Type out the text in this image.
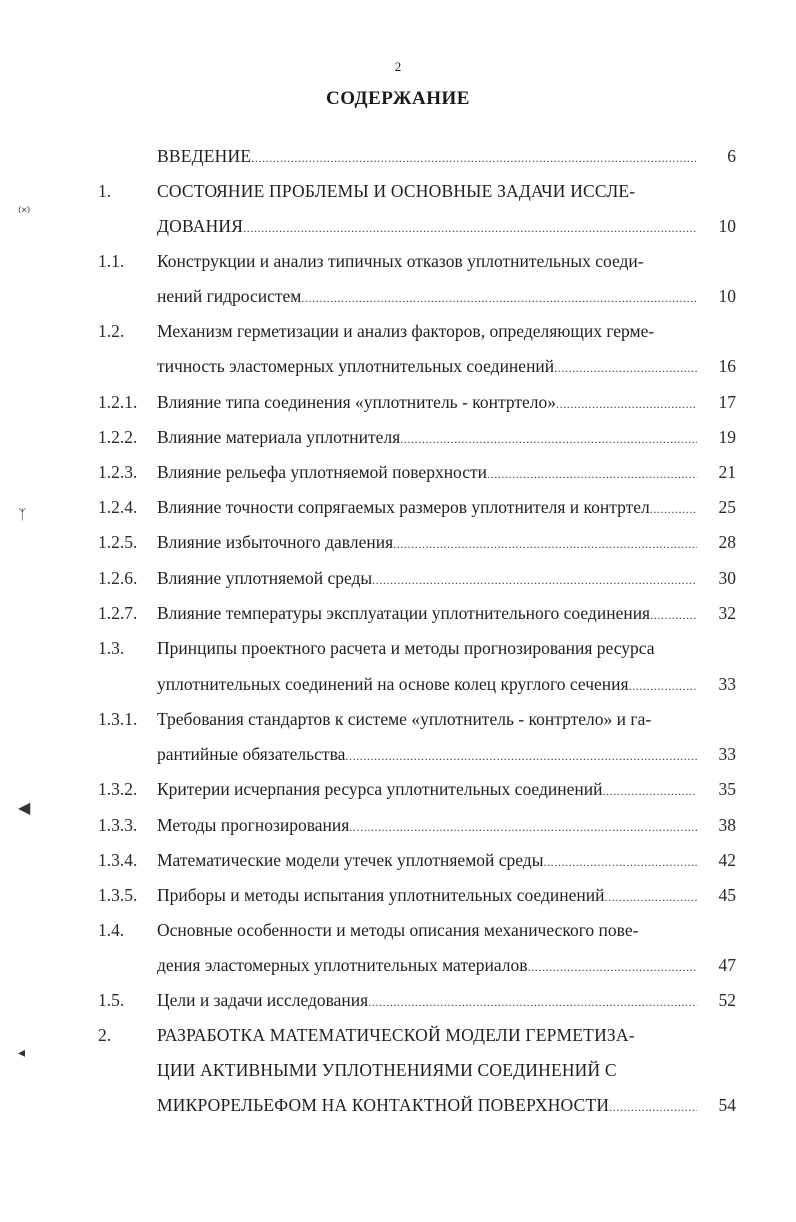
2
СОДЕРЖАНИЕ
⁽˟⁾
ᛉ
◀
◂
ВВЕДЕНИЕ .....	6
1.	СОСТОЯНИЕ ПРОБЛЕМЫ И ОСНОВНЫЕ ЗАДАЧИ ИССЛЕ-
ДОВАНИЯ .....	10
1.1. Конструкции и анализ типичных отказов уплотнительных соеди-
нений гидросистем .....	10
1.2. Механизм герметизации и анализ факторов, определяющих герме-
тичность эластомерных уплотнительных соединений .....	16
1.2.1. Влияние типа соединения «уплотнитель - контртело» .....	17
1.2.2. Влияние материала уплотнителя .....	19
1.2.3. Влияние рельефа уплотняемой поверхности .....	21
1.2.4. Влияние точности сопрягаемых размеров уплотнителя и контртел .....	25
1.2.5. Влияние избыточного давления .....	28
1.2.6. Влияние уплотняемой среды .....	30
1.2.7. Влияние температуры эксплуатации уплотнительного соединения .....	32
1.3. Принципы проектного расчета и методы прогнозирования ресурса
уплотнительных соединений на основе колец круглого сечения .....	33
1.3.1. Требования стандартов к системе «уплотнитель - контртело» и га-
рантийные обязательства .....	33
1.3.2. Критерии исчерпания ресурса уплотнительных соединений .....	35
1.3.3. Методы прогнозирования .....	38
1.3.4. Математические модели утечек уплотняемой среды .....	42
1.3.5. Приборы и методы испытания уплотнительных соединений .....	45
1.4. Основные особенности и методы описания механического пове-
дения эластомерных уплотнительных материалов .....	47
1.5. Цели и задачи исследования .....	52
2.	РАЗРАБОТКА МАТЕМАТИЧЕСКОЙ МОДЕЛИ ГЕРМЕТИЗА-
ЦИИ АКТИВНЫМИ УПЛОТНЕНИЯМИ СОЕДИНЕНИЙ С
МИКРОРЕЛЬЕФОМ НА КОНТАКТНОЙ ПОВЕРХНОСТИ .....	54
